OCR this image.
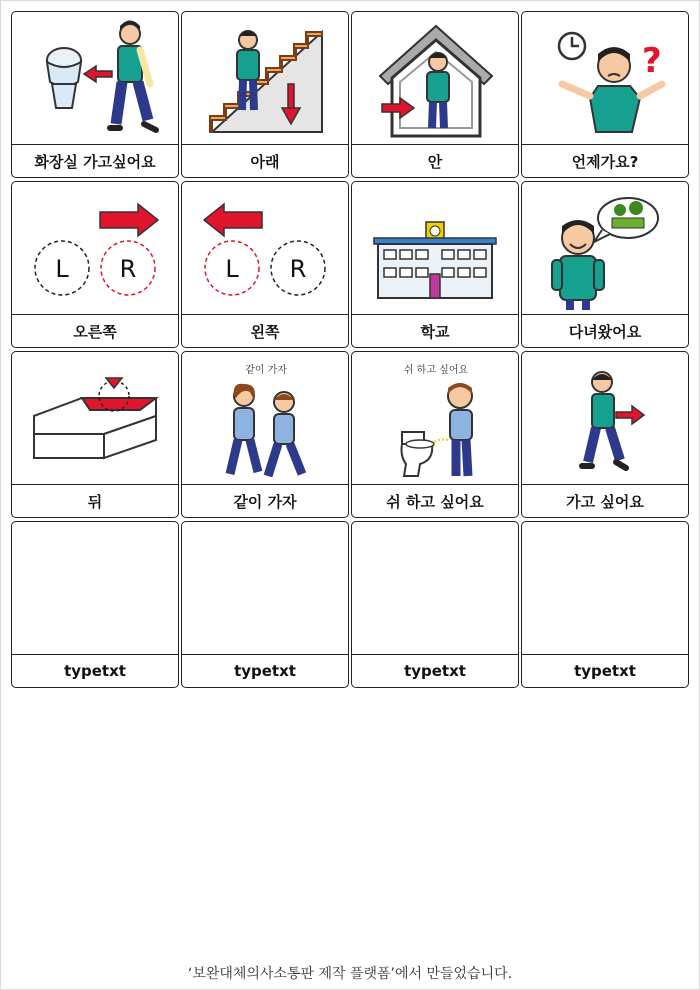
화장실 가고싶어요	아래	안
?
언제가요?
L R
오른쪽
L R
왼쪽	학교	다녀왔어요
뒤
같이 가자
같이 가자
쉬 하고 싶어요
쉬 하고 싶어요	가고 싶어요
typetxt	typetxt	typetxt	typetxt
‘보완대체의사소통판 제작 플랫폼’에서 만들었습니다.
